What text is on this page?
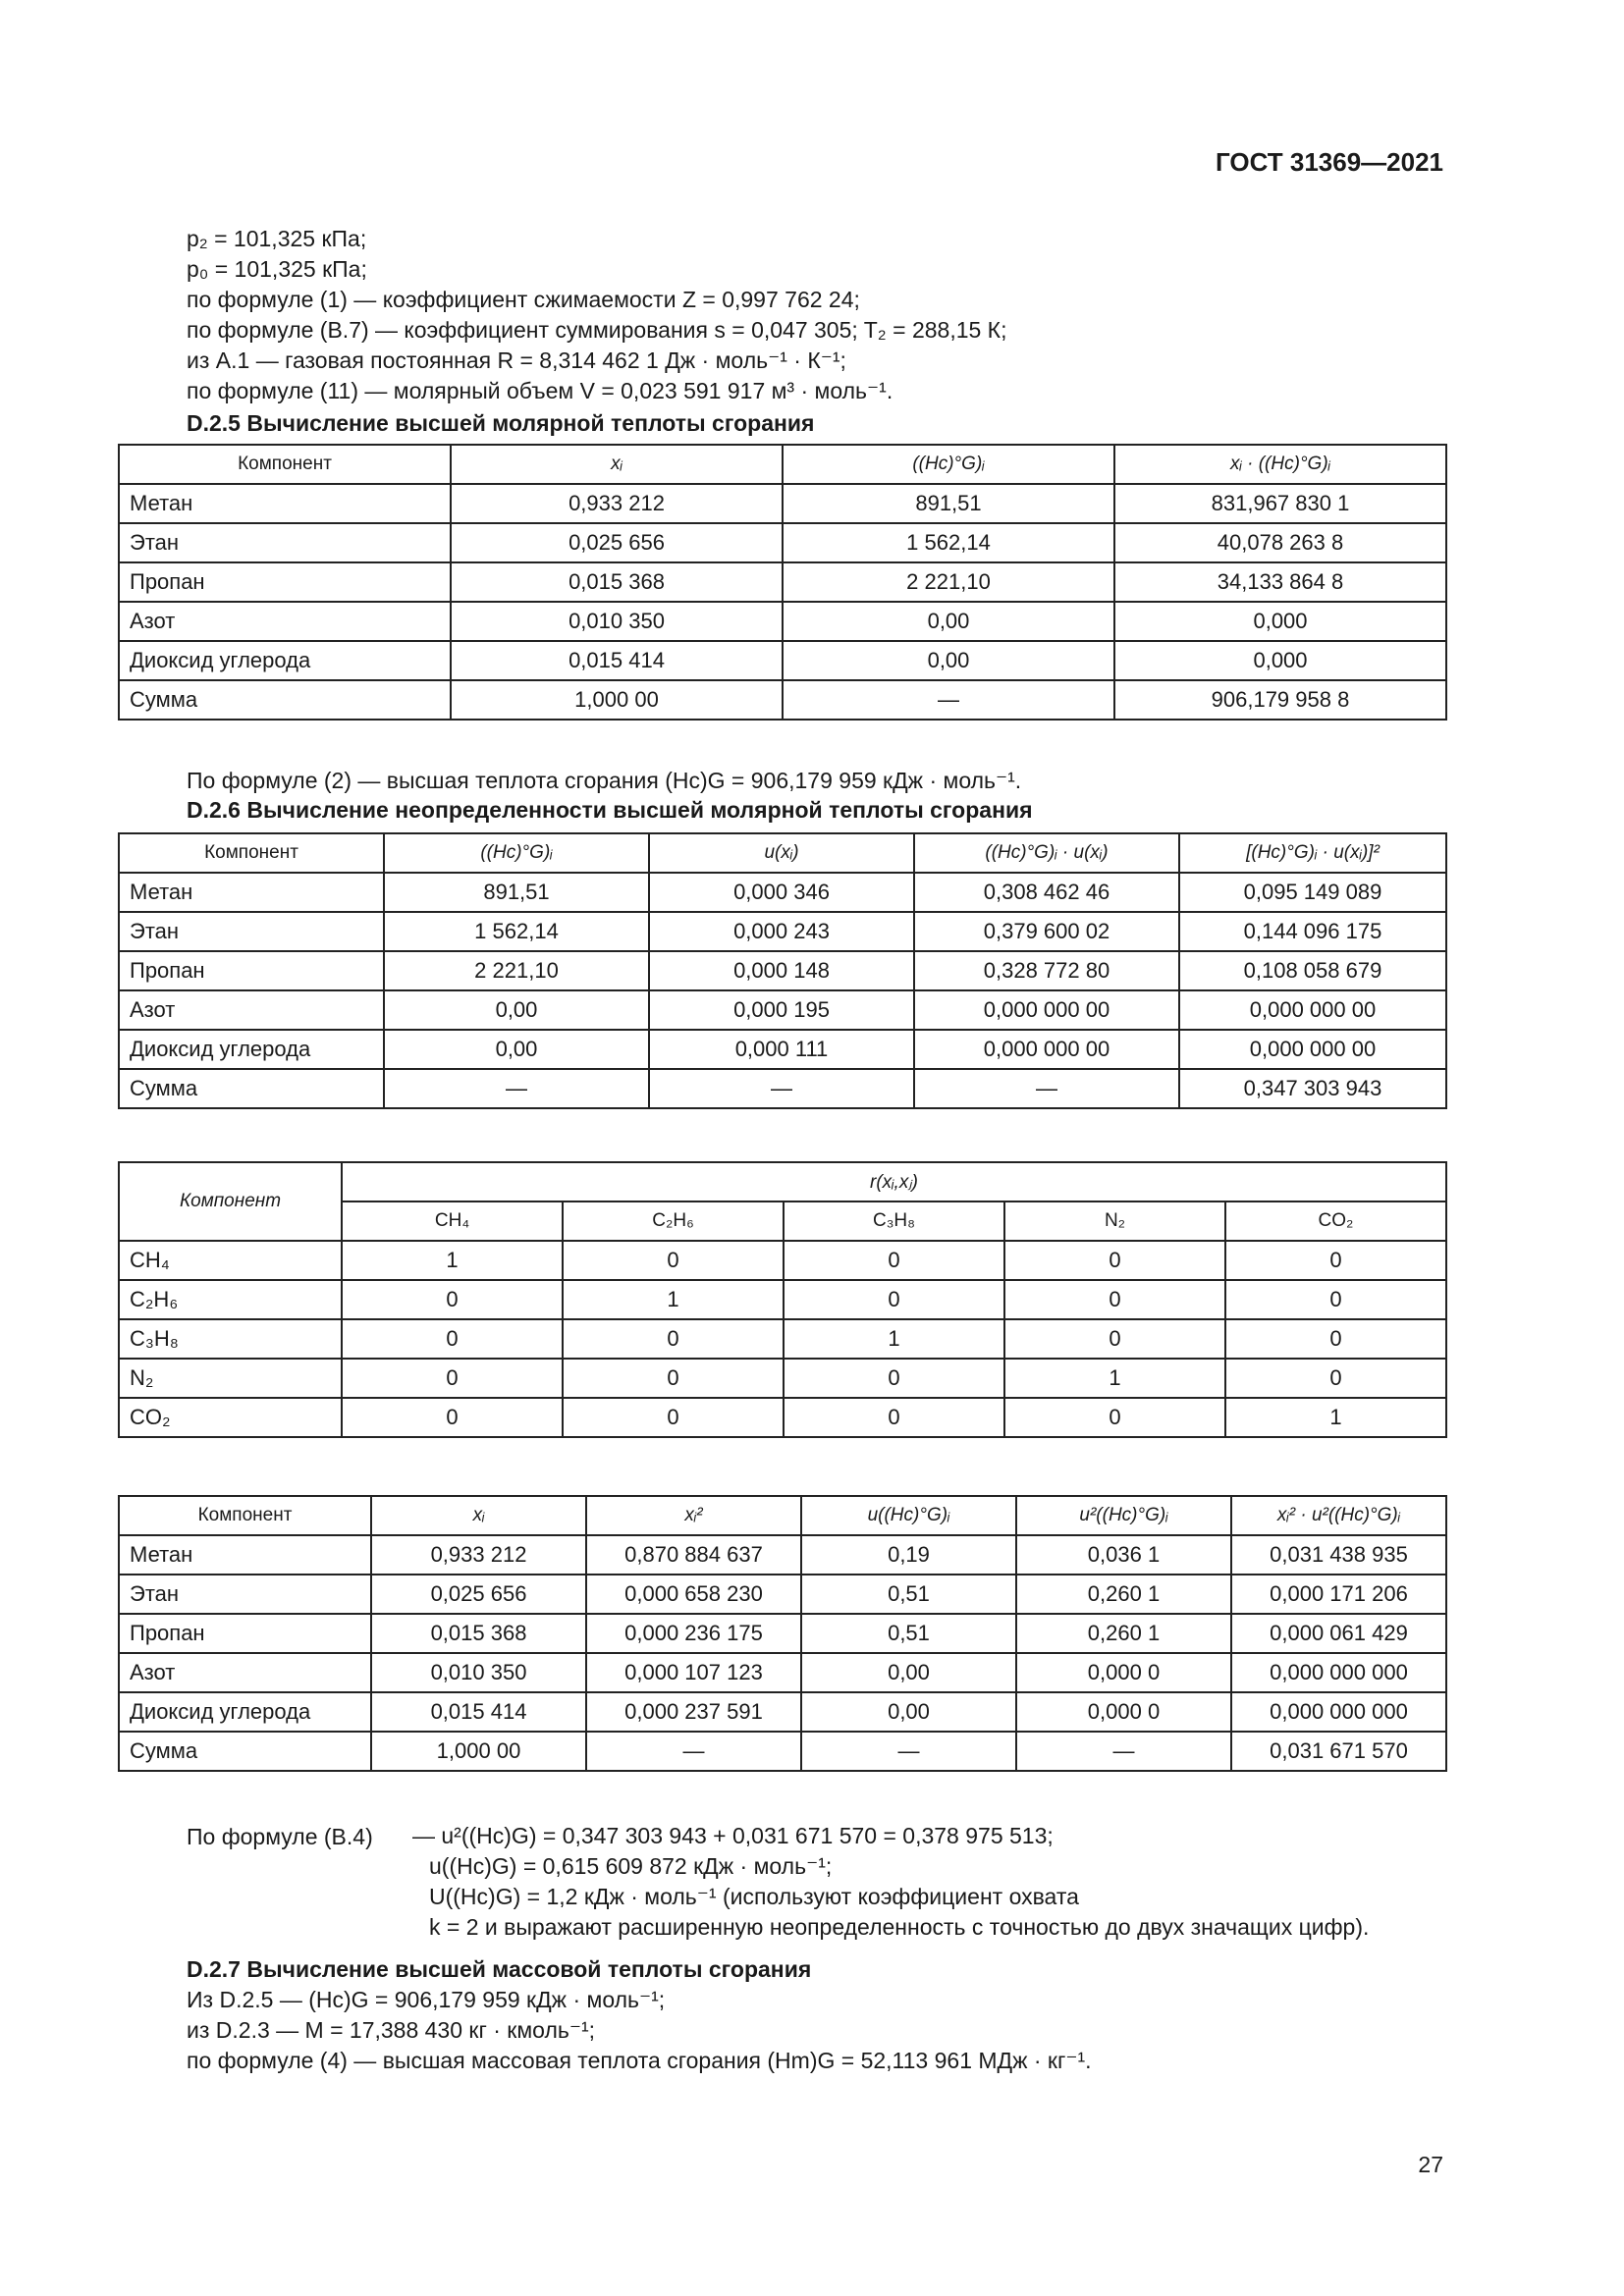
ГОСТ 31369—2021
p₂ = 101,325 кПа;
p₀ = 101,325 кПа;
по формуле (1) — коэффициент сжимаемости Z = 0,997 762 24;
по формуле (B.7) — коэффициент суммирования s = 0,047 305; T₂ = 288,15 К;
из A.1 — газовая постоянная R = 8,314 462 1 Дж · моль⁻¹ · К⁻¹;
по формуле (11) — молярный объем V = 0,023 591 917 м³ · моль⁻¹.
D.2.5 Вычисление высшей молярной теплоты сгорания
Компонент	xᵢ	((Hc)°G)ᵢ	xᵢ · ((Hc)°G)ᵢ
Метан	0,933 212	891,51	831,967 830 1
Этан	0,025 656	1 562,14	40,078 263 8
Пропан	0,015 368	2 221,10	34,133 864 8
Азот	0,010 350	0,00	0,000
Диоксид углерода	0,015 414	0,00	0,000
Сумма	1,000 00	—	906,179 958 8
По формуле (2) — высшая теплота сгорания (Hc)G = 906,179 959 кДж · моль⁻¹.
D.2.6 Вычисление неопределенности высшей молярной теплоты сгорания
Компонент	((Hc)°G)ᵢ	u(xᵢ)	((Hc)°G)ᵢ · u(xᵢ)	[(Hc)°G)ᵢ · u(xᵢ)]²
Метан	891,51	0,000 346	0,308 462 46	0,095 149 089
Этан	1 562,14	0,000 243	0,379 600 02	0,144 096 175
Пропан	2 221,10	0,000 148	0,328 772 80	0,108 058 679
Азот	0,00	0,000 195	0,000 000 00	0,000 000 00
Диоксид углерода	0,00	0,000 111	0,000 000 00	0,000 000 00
Сумма	—	—	—	0,347 303 943
Компонент	r(xᵢ,xⱼ)				
	CH₄	C₂H₆	C₃H₈	N₂	CO₂
CH₄	1	0	0	0	0
C₂H₆	0	1	0	0	0
C₃H₈	0	0	1	0	0
N₂	0	0	0	1	0
CO₂	0	0	0	0	1
Компонент	xᵢ	xᵢ²	u((Hc)°G)ᵢ	u²((Hc)°G)ᵢ	xᵢ² · u²((Hc)°G)ᵢ
Метан	0,933 212	0,870 884 637	0,19	0,036 1	0,031 438 935
Этан	0,025 656	0,000 658 230	0,51	0,260 1	0,000 171 206
Пропан	0,015 368	0,000 236 175	0,51	0,260 1	0,000 061 429
Азот	0,010 350	0,000 107 123	0,00	0,000 0	0,000 000 000
Диоксид углерода	0,015 414	0,000 237 591	0,00	0,000 0	0,000 000 000
Сумма	1,000 00	—	—	—	0,031 671 570
По формуле (B.4) — u²((Hc)G) = 0,347 303 943 + 0,031 671 570 = 0,378 975 513;
u((Hc)G) = 0,615 609 872 кДж · моль⁻¹;
U((Hc)G) = 1,2 кДж · моль⁻¹ (используют коэффициент охвата
k = 2 и выражают расширенную неопределенность с точностью до двух значащих цифр).
D.2.7 Вычисление высшей массовой теплоты сгорания
Из D.2.5 — (Hc)G = 906,179 959 кДж · моль⁻¹;
из D.2.3 — M = 17,388 430 кг · кмоль⁻¹;
по формуле (4) — высшая массовая теплота сгорания (Hm)G = 52,113 961 МДж · кг⁻¹.
27
